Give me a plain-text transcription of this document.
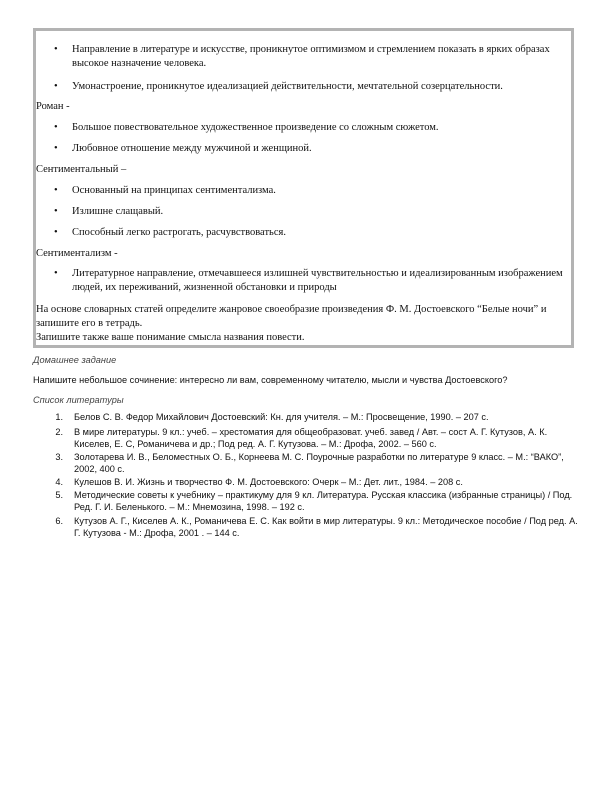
• Направление в литературе и искусстве, проникнутое оптимизмом и стремлением показать в ярких образах высокое назначение человека.
• Умонастроение, проникнутое идеализацией действительности, мечтательной созерцательности.
Роман -
• Большое повествовательное художественное произведение со сложным сюжетом.
• Любовное отношение между мужчиной и женщиной.
Сентиментальный –
• Основанный на принципах сентиментализма.
• Излишне слащавый.
• Способный легко растрогать, расчувствоваться.
Сентиментализм -
• Литературное направление, отмечавшееся излишней чувствительностью и идеализированным изображением людей, их переживаний, жизненной обстановки и природы
На основе словарных статей определите жанровое своеобразие произведения Ф. М. Достоевского “Белые ночи” и запишите его в тетрадь.
Запишите также ваше понимание смысла названия повести.
Домашнее задание
Напишите небольшое сочинение: интересно ли вам, современному читателю, мысли и чувства Достоевского?
Список литературы
1. Белов С. В. Федор Михайлович Достоевский: Кн. для учителя. – М.: Просвещение, 1990. – 207 с.
2. В мире литературы. 9 кл.: учеб. – хрестоматия для общеобразоват. учеб. завед / Авт. – сост А. Г. Кутузов, А. К. Киселев, Е. С, Романичева и др.; Под ред. А. Г. Кутузова. – М.: Дрофа, 2002. – 560 с.
3. Золотарева И. В., Беломестных О. Б., Корнеева М. С. Поурочные разработки по литературе 9 класс. – М.: “ВАКО”, 2002, 400 с.
4. Кулешов В. И. Жизнь и творчество Ф. М. Достоевского: Очерк – М.: Дет. лит., 1984. – 208 с.
5. Методические советы к учебнику – практикуму для 9 кл. Литература. Русская классика (избранные страницы) / Под. Ред. Г. И. Беленького. – М.: Мнемозина, 1998. – 192 с.
6. Кутузов А. Г., Киселев А. К., Романичева Е. С. Как войти в мир литературы. 9 кл.: Методическое пособие / Под ред. А. Г. Кутузова - М.: Дрофа, 2001 . – 144 с.
